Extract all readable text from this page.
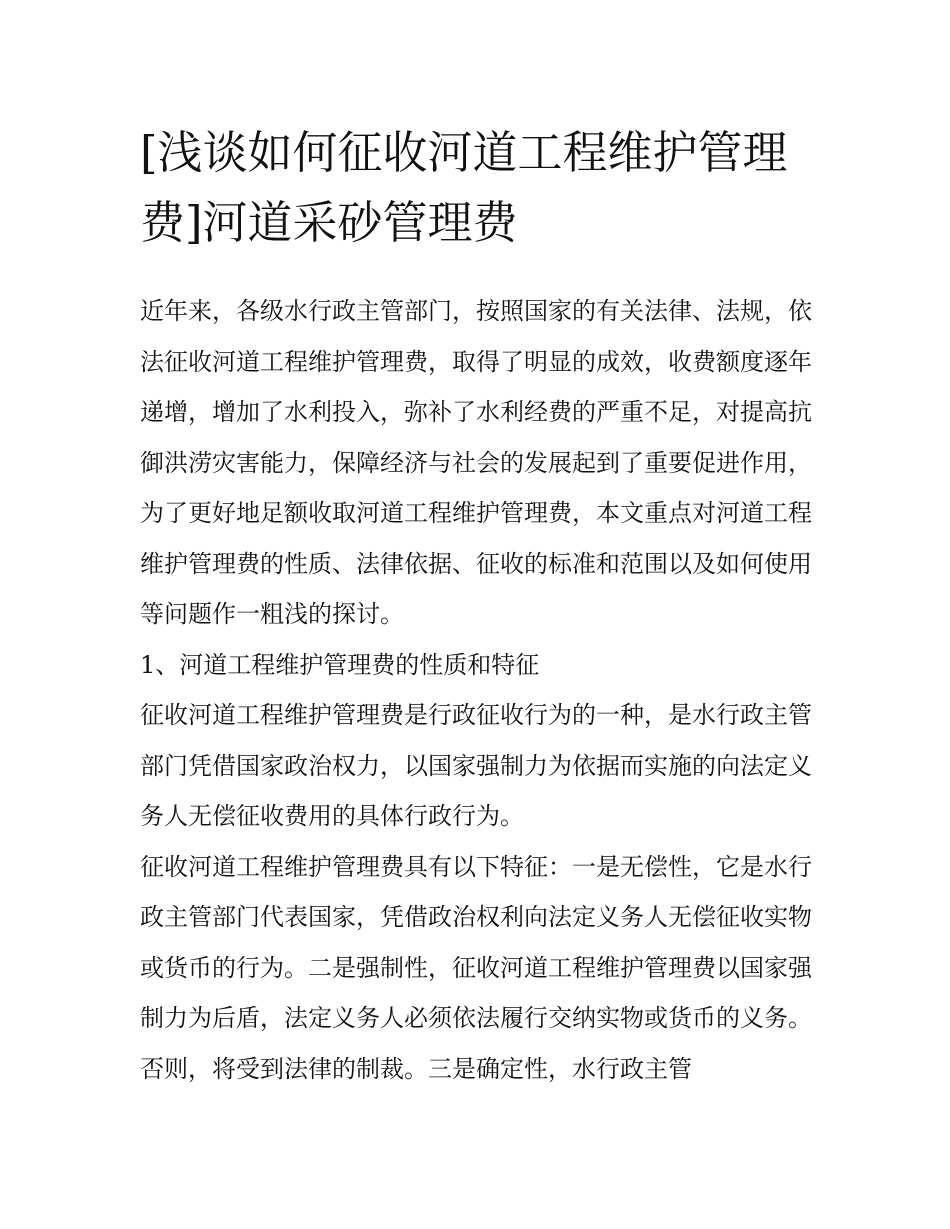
[浅谈如何征收河道工程维护管理费]河道采砂管理费

近年来，各级水行政主管部门，按照国家的有关法律、法规，依法征收河道工程维护管理费，取得了明显的成效，收费额度逐年递增，增加了水利投入，弥补了水利经费的严重不足，对提高抗御洪涝灾害能力，保障经济与社会的发展起到了重要促进作用，为了更好地足额收取河道工程维护管理费，本文重点对河道工程维护管理费的性质、法律依据、征收的标准和范围以及如何使用等问题作一粗浅的探讨。

1、河道工程维护管理费的性质和特征

征收河道工程维护管理费是行政征收行为的一种，是水行政主管部门凭借国家政治权力，以国家强制力为依据而实施的向法定义务人无偿征收费用的具体行政行为。

征收河道工程维护管理费具有以下特征：一是无偿性，它是水行政主管部门代表国家，凭借政治权利向法定义务人无偿征收实物或货币的行为。二是强制性，征收河道工程维护管理费以国家强制力为后盾，法定义务人必须依法履行交纳实物或货币的义务。否则，将受到法律的制裁。三是确定性，水行政主管
